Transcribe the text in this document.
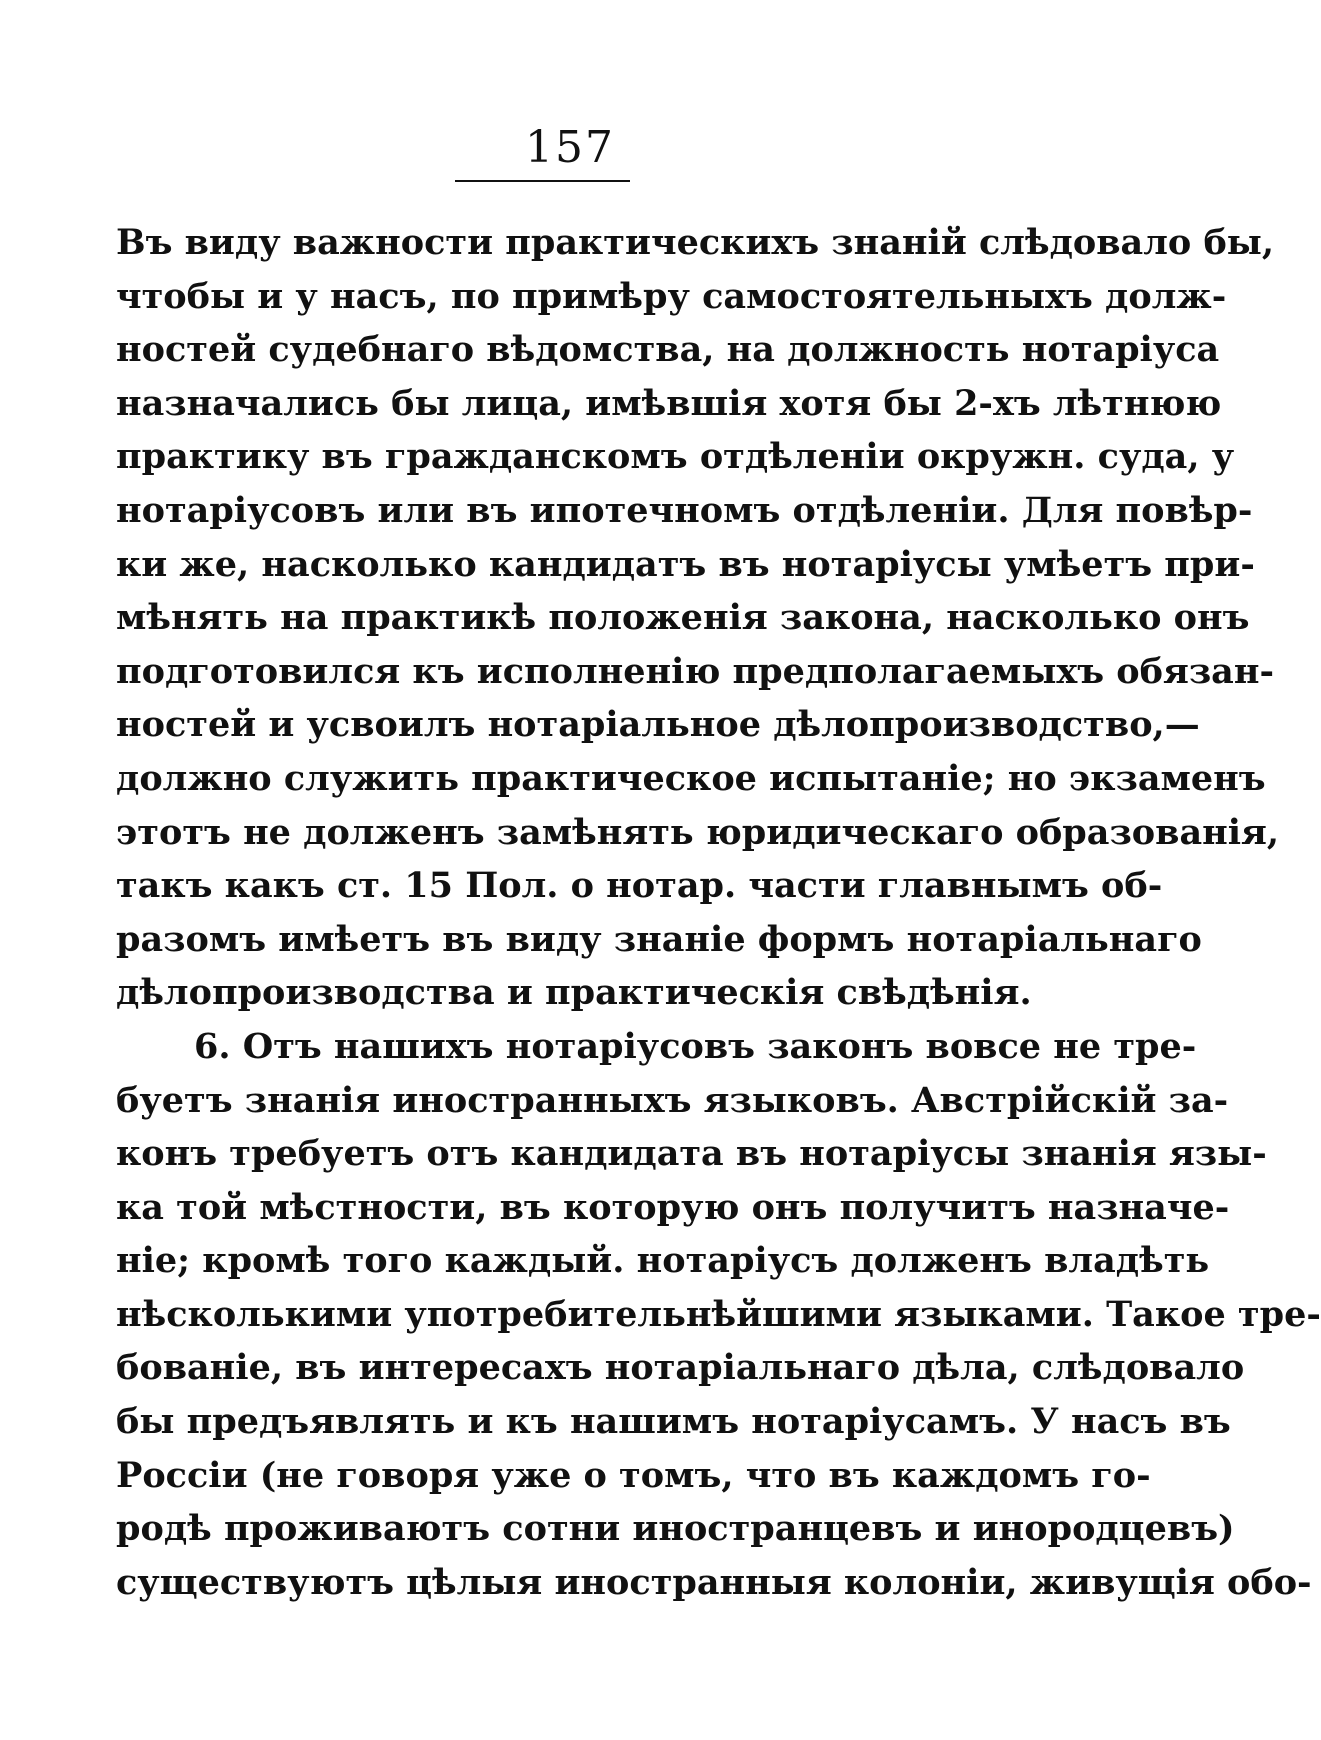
157
Въ виду важности практическихъ знаній слѣдовало бы,
чтобы и у насъ, по примѣру самостоятельныхъ долж-
ностей судебнаго вѣдомства, на должность нотаріуса
назначались бы лица, имѣвшія хотя бы 2-хъ лѣтнюю
практику въ гражданскомъ отдѣленіи окружн. суда, у
нотаріусовъ или въ ипотечномъ отдѣленіи. Для повѣр-
ки же, насколько кандидатъ въ нотаріусы умѣетъ при-
мѣнять на практикѣ положенія закона, насколько онъ
подготовился къ исполненію предполагаемыхъ обязан-
ностей и усвоилъ нотаріальное дѣлопроизводство,—
должно служить практическое испытаніе; но экзаменъ
этотъ не долженъ замѣнять юридическаго образованія,
такъ какъ ст. 15 Пол. о нотар. части главнымъ об-
разомъ имѣетъ въ виду знаніе формъ нотаріальнаго
дѣлопроизводства и практическія свѣдѣнія.
6. Отъ нашихъ нотаріусовъ законъ вовсе не тре-
буетъ знанія иностранныхъ языковъ. Австрійскій за-
конъ требуетъ отъ кандидата въ нотаріусы знанія язы-
ка той мѣстности, въ которую онъ получитъ назначе-
ніе; кромѣ того каждый. нотаріусъ долженъ владѣть
нѣсколькими употребительнѣйшими языками. Такое тре-
бованіе, въ интересахъ нотаріальнаго дѣла, слѣдовало
бы предъявлять и къ нашимъ нотаріусамъ. У насъ въ
Россіи (не говоря уже о томъ, что въ каждомъ го-
родѣ проживаютъ сотни иностранцевъ и инородцевъ)
существуютъ цѣлыя иностранныя колоніи, живущія обо-
